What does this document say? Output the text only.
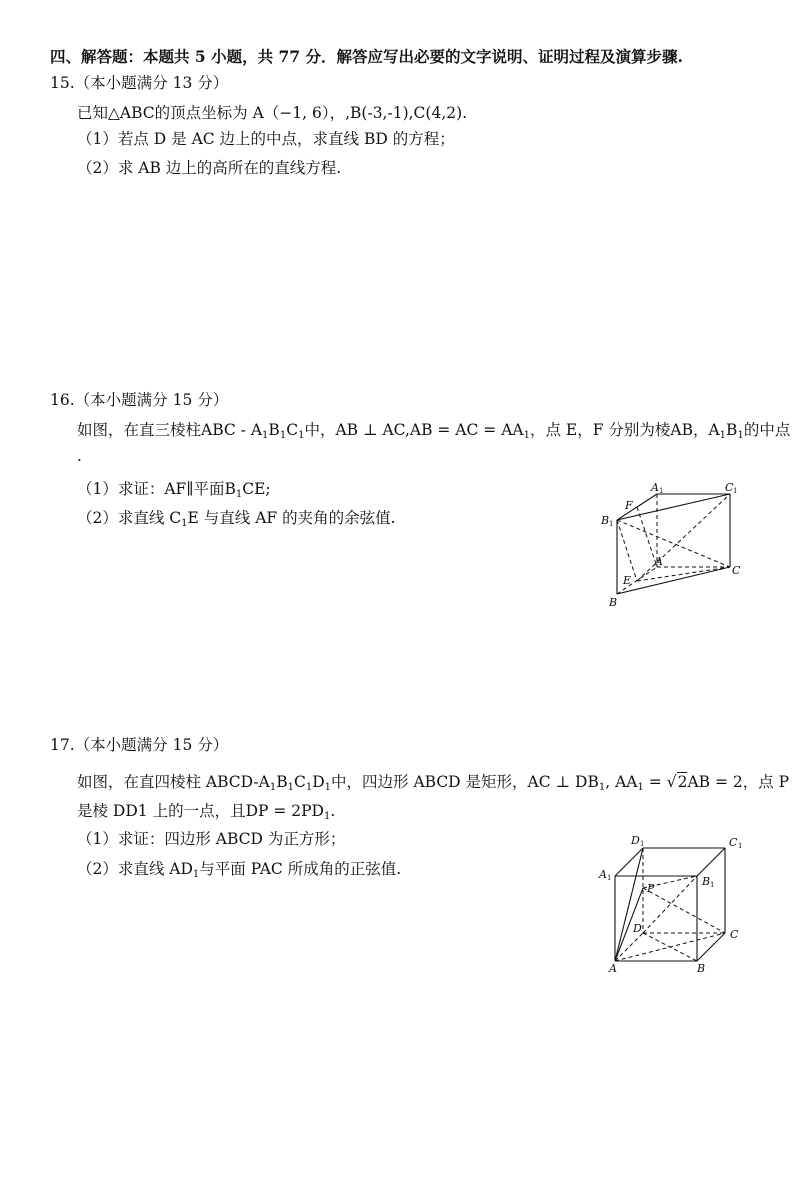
四、解答题：本题共 5 小题，共 77 分．解答应写出必要的文字说明、证明过程及演算步骤.
15.（本小题满分 13 分）
已知△ABC的顶点坐标为 A（−1, 6），,B(-3,-1),C(4,2).
（1）若点 D 是 AC 边上的中点，求直线 BD 的方程；
（2）求 AB 边上的高所在的直线方程.
16.（本小题满分 15 分）
如图，在直三棱柱ABC - $A_1B_1C_1$中，AB ⊥ AC,AB = AC = $AA_1$，点 E，F 分别为棱AB，$A_1B_1$的中点
.
（1）求证：AF∥平面$B_1CE$;
（2）求直线 $C_1E$ 与直线 AF 的夹角的余弦值.
A 1	C 1
F
B 1
A
E
C
B
17.（本小题满分 15 分）
如图，在直四棱柱 ABCD-$A_1B_1C_1D_1$中，四边形 ABCD 是矩形，AC ⊥ $DB_1$, $AA_1 = √2AB = 2$，点 P
是棱 DD1 上的一点，且DP = $2PD_1$.
（1）求证：四边形 ABCD 为正方形；
（2）求直线 $AD_1$与平面 PAC 所成角的正弦值.
D 1	C 1
A 1	B 1
P
D	C
A	B
